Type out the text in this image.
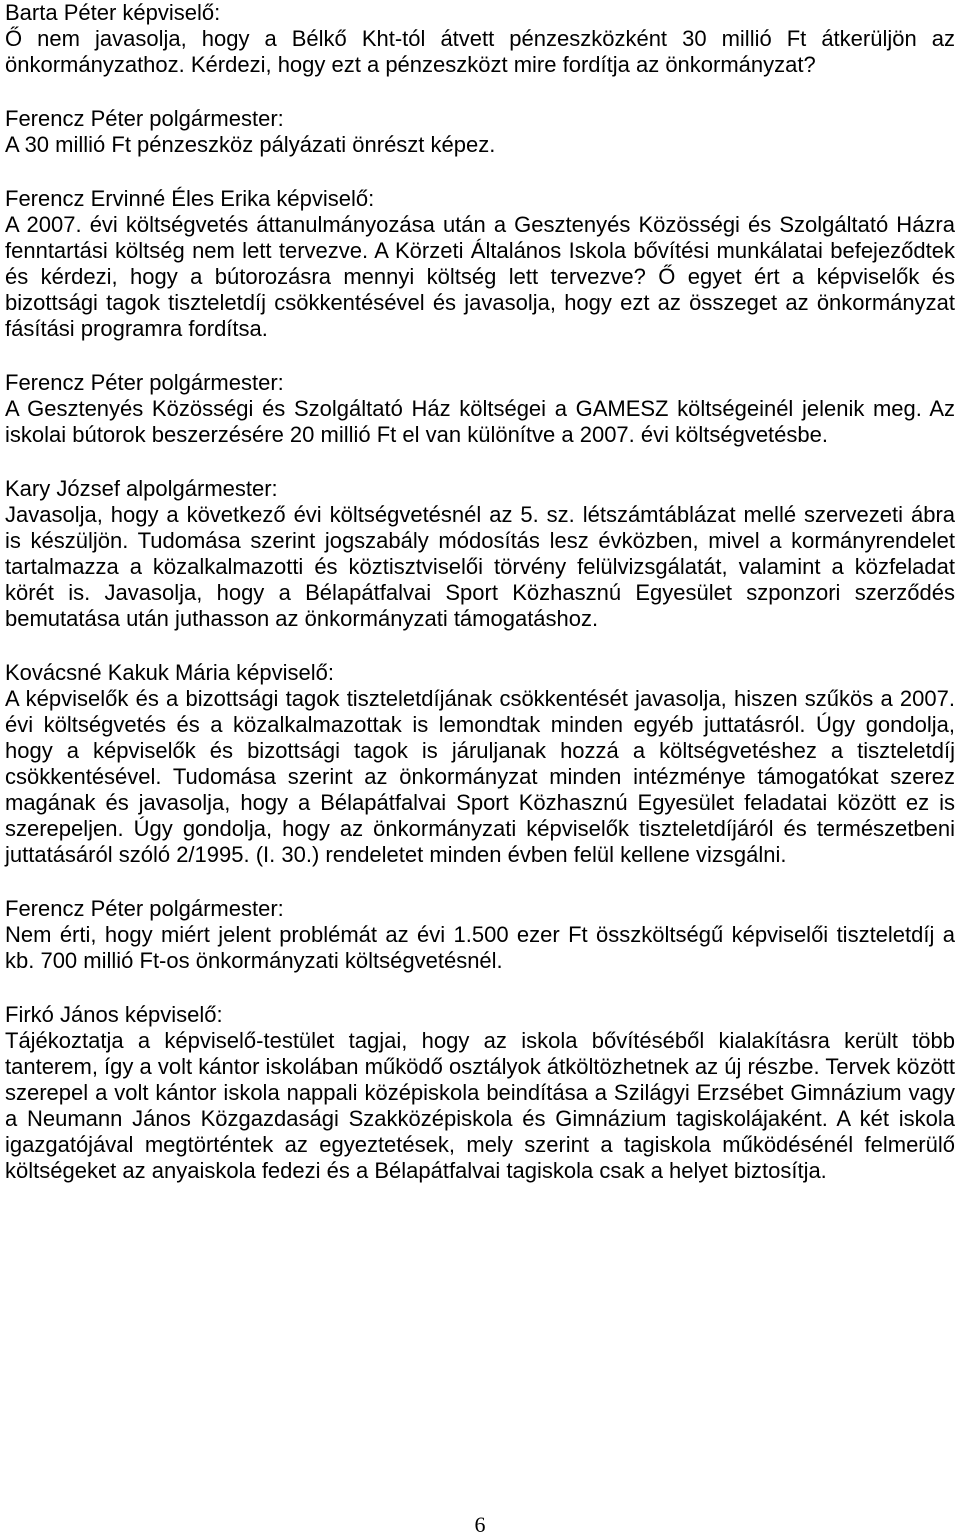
Barta Péter képviselő:
Ő nem javasolja, hogy a Bélkő Kht-tól átvett pénzeszközként 30 millió Ft átkerüljön az önkormányzathoz. Kérdezi, hogy ezt a pénzeszközt mire fordítja az önkormányzat?
Ferencz Péter polgármester:
A 30 millió Ft pénzeszköz pályázati önrészt képez.
Ferencz Ervinné Éles Erika képviselő:
A 2007. évi költségvetés áttanulmányozása után a Gesztenyés Közösségi és Szolgáltató Házra fenntartási költség nem lett tervezve. A Körzeti Általános Iskola bővítési munkálatai befejeződtek és kérdezi, hogy a bútorozásra mennyi költség lett tervezve? Ő egyet ért a képviselők és bizottsági tagok tiszteletdíj csökkentésével és javasolja, hogy ezt az összeget az önkormányzat fásítási programra fordítsa.
Ferencz Péter polgármester:
A Gesztenyés Közösségi és Szolgáltató Ház költségei a GAMESZ költségeinél jelenik meg. Az iskolai bútorok beszerzésére 20 millió Ft el van különítve a 2007. évi költségvetésbe.
Kary József alpolgármester:
Javasolja, hogy a következő évi költségvetésnél az 5. sz. létszámtáblázat mellé szervezeti ábra is készüljön. Tudomása szerint jogszabály módosítás lesz évközben, mivel a kormányrendelet tartalmazza a közalkalmazotti és köztisztviselői törvény felülvizsgálatát, valamint a közfeladat körét is. Javasolja, hogy a Bélapátfalvai Sport Közhasznú Egyesület szponzori szerződés bemutatása után juthasson az önkormányzati támogatáshoz.
Kovácsné Kakuk Mária képviselő:
A képviselők és a bizottsági tagok tiszteletdíjának csökkentését javasolja, hiszen szűkös a 2007. évi költségvetés és a közalkalmazottak is lemondtak minden egyéb juttatásról. Úgy gondolja, hogy a képviselők és bizottsági tagok is járuljanak hozzá a költségvetéshez a tiszteletdíj csökkentésével. Tudomása szerint az önkormányzat minden intézménye támogatókat szerez magának és javasolja, hogy a Bélapátfalvai Sport Közhasznú Egyesület feladatai között ez is szerepeljen. Úgy gondolja, hogy az önkormányzati képviselők tiszteletdíjáról és természetbeni juttatásáról szóló 2/1995. (I. 30.) rendeletet minden évben felül kellene vizsgálni.
Ferencz Péter polgármester:
Nem érti, hogy miért jelent problémát az évi 1.500 ezer Ft összköltségű képviselői tiszteletdíj a kb. 700 millió Ft-os önkormányzati költségvetésnél.
Firkó János képviselő:
Tájékoztatja a képviselő-testület tagjai, hogy az iskola bővítéséből kialakításra került több tanterem, így a volt kántor iskolában működő osztályok átköltözhetnek az új részbe. Tervek között szerepel a volt kántor iskola nappali középiskola beindítása a Szilágyi Erzsébet Gimnázium vagy a Neumann János Közgazdasági Szakközépiskola és Gimnázium tagiskolájaként. A két iskola igazgatójával megtörténtek az egyeztetések, mely szerint a tagiskola működésénél felmerülő költségeket az anyaiskola fedezi és a Bélapátfalvai tagiskola csak a helyet biztosítja.
6
